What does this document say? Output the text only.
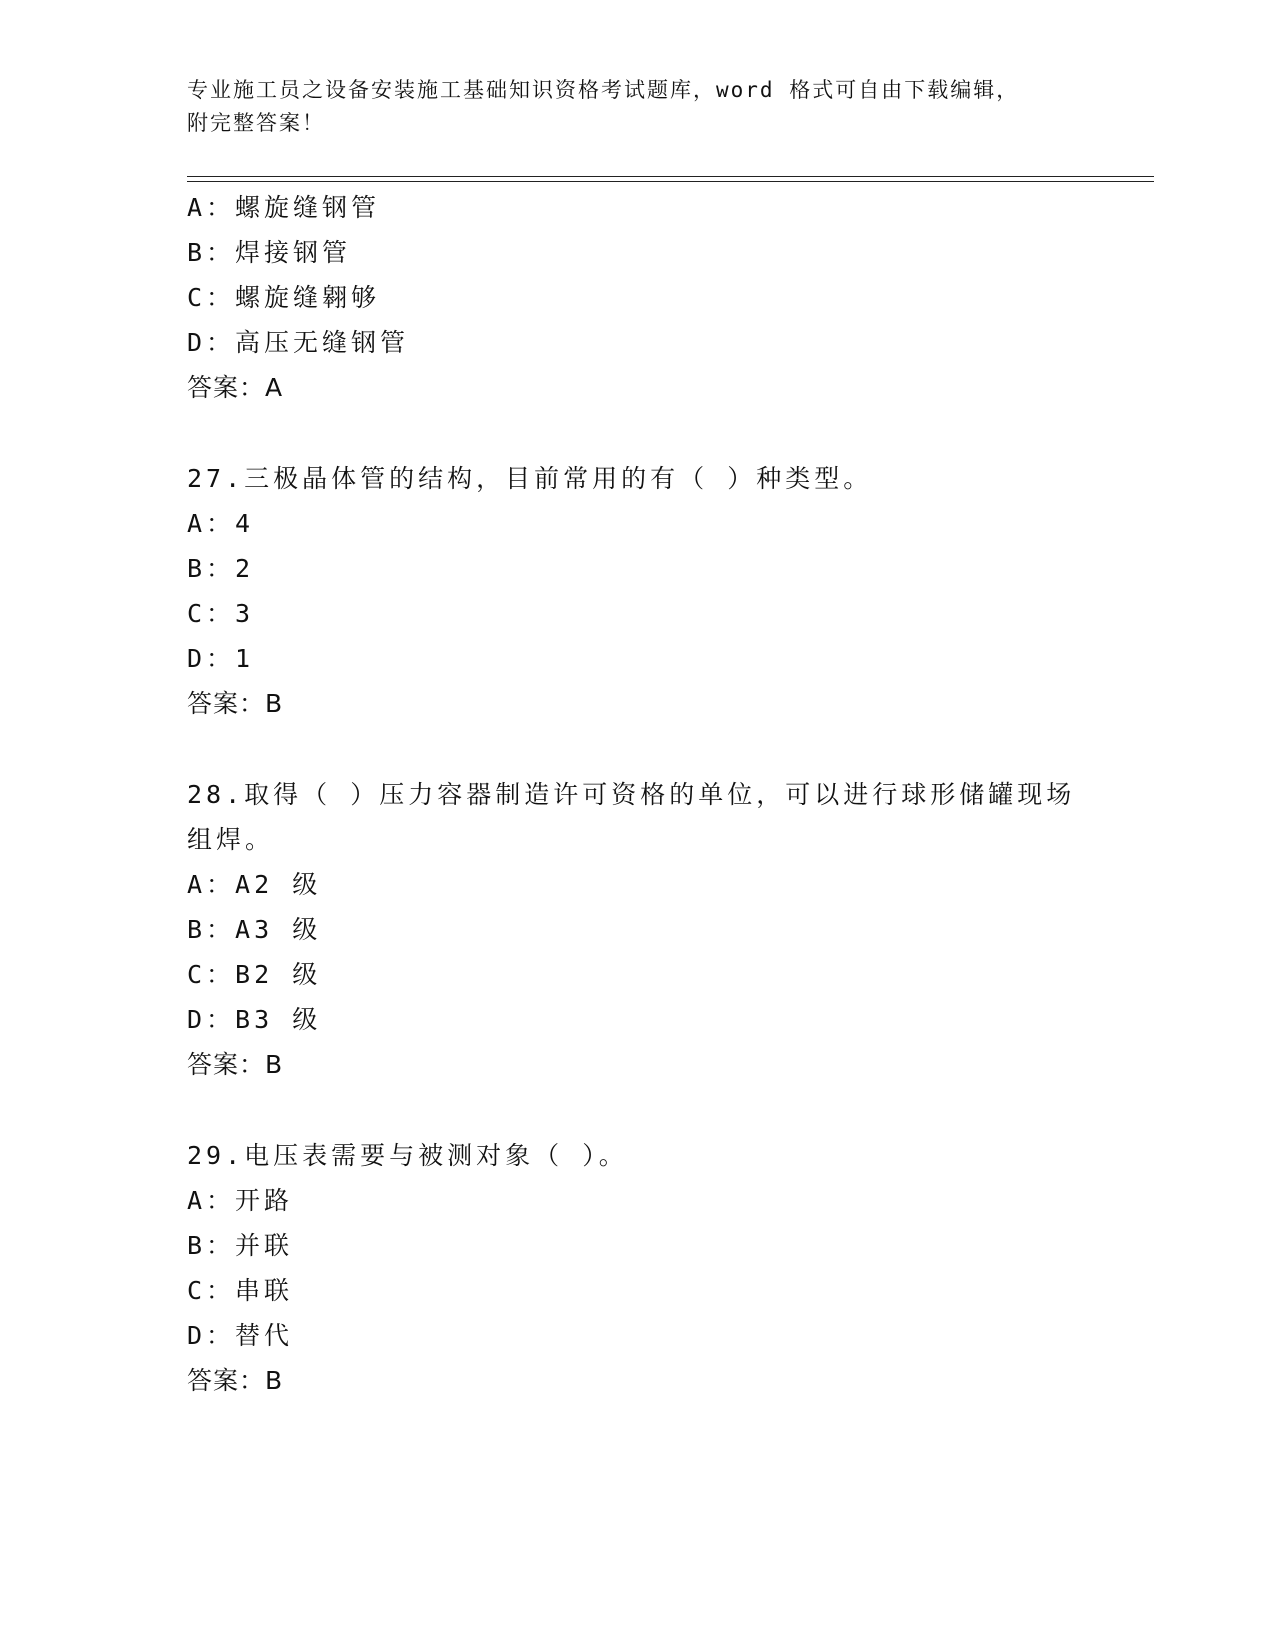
专业施工员之设备安装施工基础知识资格考试题库，word 格式可自由下载编辑，
附完整答案！
A：螺旋缝钢管
B：焊接钢管
C：螺旋缝翱够
D：高压无缝钢管
答案：A
27.三极晶体管的结构，目前常用的有（ ）种类型。
A：4
B：2
C：3
D：1
答案：B
28.取得（ ）压力容器制造许可资格的单位，可以进行球形储罐现场
组焊。
A：A2 级
B：A3 级
C：B2 级
D：B3 级
答案：B
29.电压表需要与被测对象（ ）。
A：开路
B：并联
C：串联
D：替代
答案：B
